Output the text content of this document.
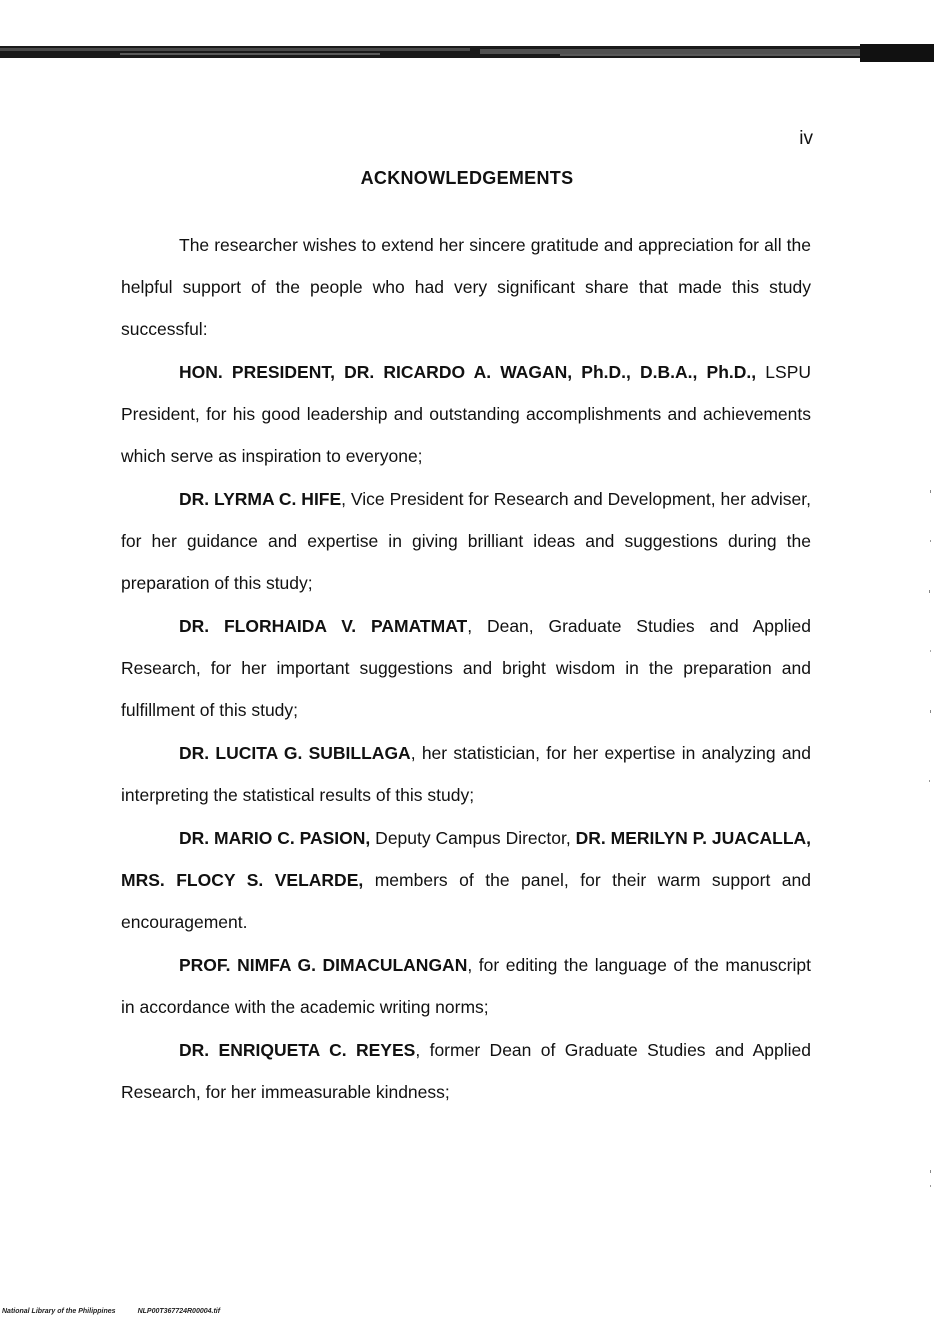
iv

ACKNOWLEDGEMENTS

The researcher wishes to extend her sincere gratitude and appreciation for all the helpful support of the people who had very significant share that made this study successful:

HON. PRESIDENT, DR. RICARDO A. WAGAN, Ph.D., D.B.A., Ph.D., LSPU President, for his good leadership and outstanding accomplishments and achievements which serve as inspiration to everyone;

DR. LYRMA C. HIFE, Vice President for Research and Development, her adviser, for her guidance and expertise in giving brilliant ideas and suggestions during the preparation of this study;

DR. FLORHAIDA V. PAMATMAT, Dean, Graduate Studies and Applied Research, for her important suggestions and bright wisdom in the preparation and fulfillment of this study;

DR. LUCITA G. SUBILLAGA, her statistician, for her expertise in analyzing and interpreting the statistical results of this study;

DR. MARIO C. PASION, Deputy Campus Director, DR. MERILYN P. JUACALLA, MRS. FLOCY S. VELARDE, members of the panel, for their warm support and encouragement.

PROF. NIMFA G. DIMACULANGAN, for editing the language of the manuscript in accordance with the academic writing norms;

DR. ENRIQUETA C. REYES, former Dean of Graduate Studies and Applied Research, for her immeasurable kindness;

National Library of the Philippines	NLP00T367724R00004.tif
